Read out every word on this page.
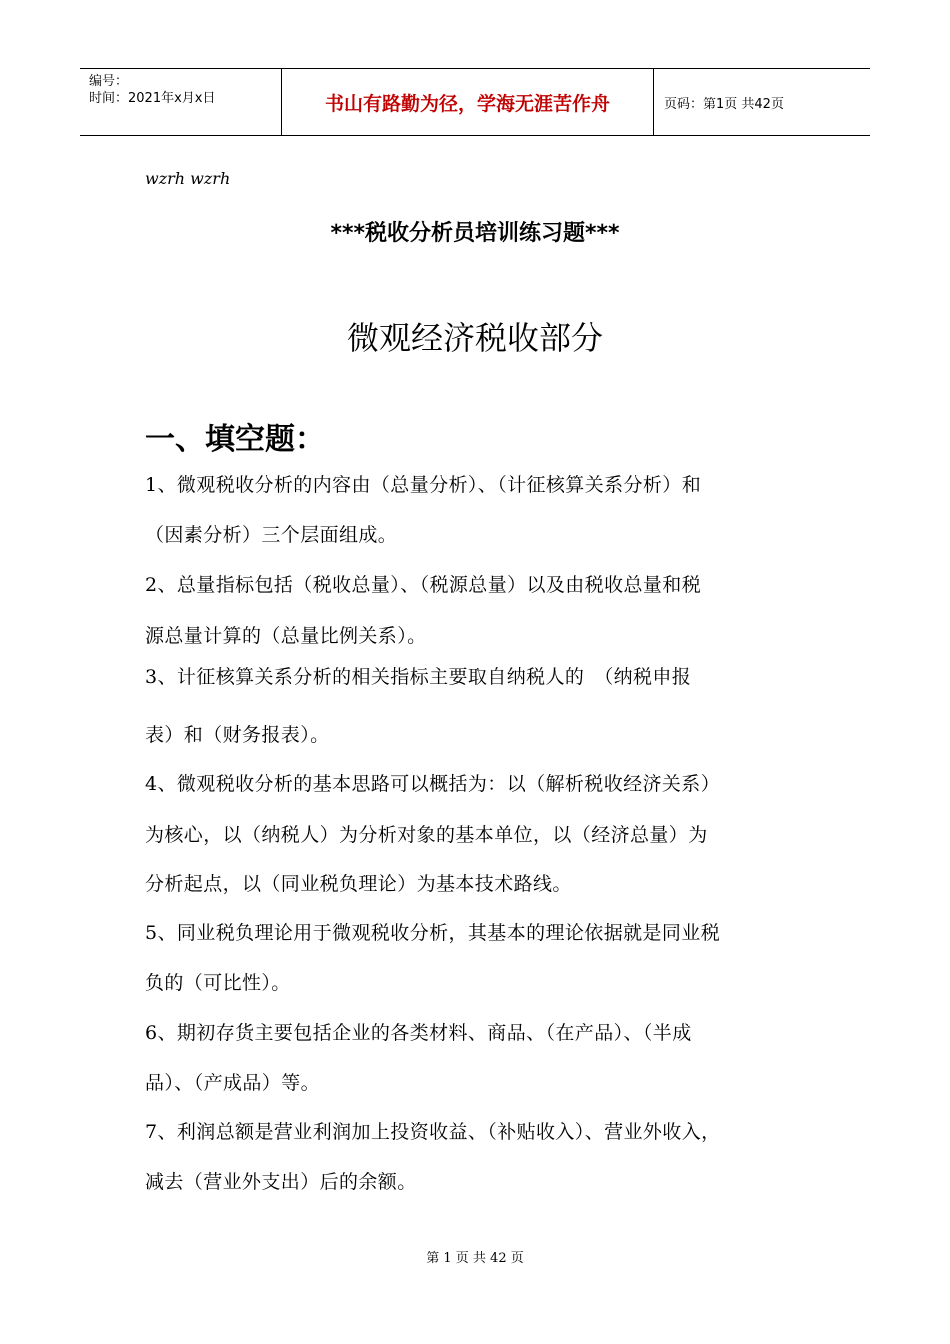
编号：
时间：2021年x月x日	书山有路勤为径，学海无涯苦作舟	页码：第1页 共42页
wzrh wzrh
***税收分析员培训练习题***
微观经济税收部分
一、填空题：
1、微观税收分析的内容由（总量分析）、（计征核算关系分析）和
（因素分析）三个层面组成。
2、总量指标包括（税收总量）、（税源总量）以及由税收总量和税
源总量计算的（总量比例关系）。
3、计征核算关系分析的相关指标主要取自纳税人的　（纳税申报
表）和（财务报表）。
4、微观税收分析的基本思路可以概括为：以（解析税收经济关系）
为核心，以（纳税人）为分析对象的基本单位，以（经济总量）为
分析起点，以（同业税负理论）为基本技术路线。
5、同业税负理论用于微观税收分析，其基本的理论依据就是同业税
负的（可比性）。
6、期初存货主要包括企业的各类材料、商品、（在产品）、（半成
品）、（产成品）等。
7、利润总额是营业利润加上投资收益、（补贴收入）、营业外收入，
减去（营业外支出）后的余额。
第 1 页 共 42 页
